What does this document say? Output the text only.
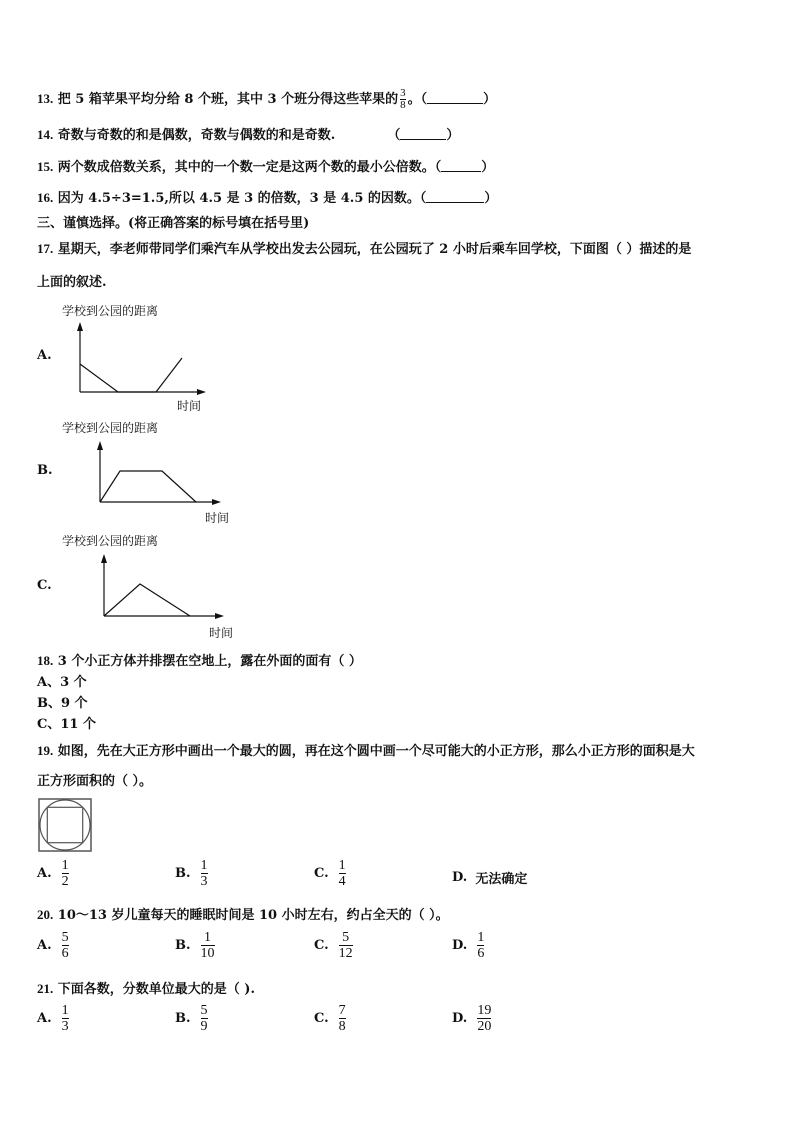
13. 把 5 箱苹果平均分给 8 个班，其中 3 个班分得这些苹果的 $\frac{3}{8}$ 。（	）
14. 奇数与奇数的和是偶数，奇数与偶数的和是奇数.	（	）
15. 两个数成倍数关系，其中的一个数一定是这两个数的最小公倍数。（	）
16. 因为 4.5÷3=1.5,所以 4.5 是 3 的倍数，3 是 4.5 的因数。（	）
三、谨慎选择。(将正确答案的标号填在括号里)
17. 星期天，李老师带同学们乘汽车从学校出发去公园玩，在公园玩了 2 小时后乘车回学校，下面图（ ）描述的是
上面的叙述.
A.
学校到公园的距离
时间
B.
学校到公园的距离
时间
C.
学校到公园的距离
时间
18. 3 个小正方体并排摆在空地上，露在外面的面有（ ）
A、3 个
B、9 个
C、11 个
19. 如图，先在大正方形中画出一个最大的圆，再在这个圆中画一个尽可能大的小正方形，那么小正方形的面积是大
正方形面积的（ ）。
A. $\frac{1}{2}$	B. $\frac{1}{3}$	C. $\frac{1}{4}$	D. 无法确定
20. 10～13 岁儿童每天的睡眠时间是 10 小时左右，约占全天的（ ）。
A. $\frac{5}{6}$	B. $\frac{1}{10}$	C. $\frac{5}{12}$	D. $\frac{1}{6}$
21. 下面各数，分数单位最大的是（ ).
A. $\frac{1}{3}$	B. $\frac{5}{9}$	C. $\frac{7}{8}$	D. $\frac{19}{20}$
